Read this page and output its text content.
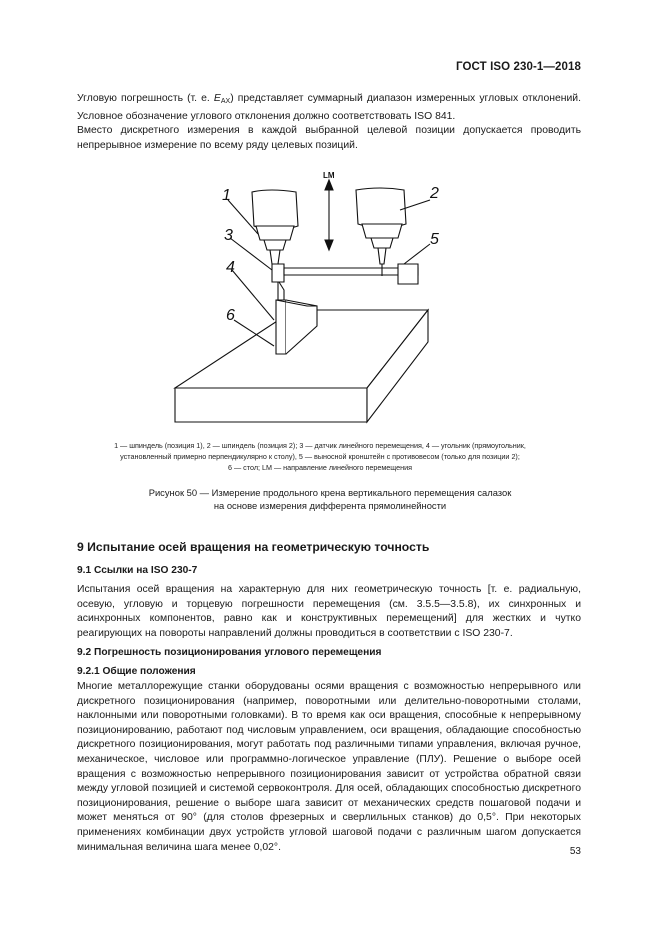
ГОСТ ISO 230-1—2018

Угловую погрешность (т. е. $E_{AX}$) представляет суммарный диапазон измеренных угловых отклонений. Условное обозначение углового отклонения должно соответствовать ISO 841.

Вместо дискретного измерения в каждой выбранной целевой позиции допускается проводить непрерывное измерение по всему ряду целевых позиций.

1	2
3	5
4
6
LM
1 — шпиндель (позиция 1), 2 — шпиндель (позиция 2); 3 — датчик линейного перемещения, 4 — угольник (прямоугольник,
установленный примерно перпендикулярно к столу), 5 — выносной кронштейн с противовесом (только для позиции 2);
6 — стол; LM — направление линейного перемещения
Рисунок 50 — Измерение продольного крена вертикального перемещения салазок
на основе измерения дифферента прямолинейности
9 Испытание осей вращения на геометрическую точность
9.1 Ссылки на ISO 230-7

Испытания осей вращения на характерную для них геометрическую точность [т. е. радиальную, осевую, угловую и торцевую погрешности перемещения (см. 3.5.5—3.5.8), их синхронных и асинхронных компонентов, равно как и конструктивных перемещений] для жестких и чутко реагирующих на повороты направлений должны проводиться в соответствии с ISO 230-7.

9.2 Погрешность позиционирования углового перемещения
9.2.1 Общие положения

Многие металлорежущие станки оборудованы осями вращения с возможностью непрерывного или дискретного позиционирования (например, поворотными или делительно-поворотными столами, наклонными или поворотными головками). В то время как оси вращения, способные к непрерывному позиционированию, работают под числовым управлением, оси вращения, обладающие способностью дискретного позиционирования, могут работать под различными типами управления, включая ручное, механическое, числовое или программно-логическое управление (ПЛУ). Решение о выборе осей вращения с возможностью непрерывного позиционирования зависит от устройства обратной связи между угловой позицией и системой сервоконтроля. Для осей, обладающих способностью дискретного позиционирования, решение о выборе шага зависит от механических средств пошаговой подачи и может меняться от 90° (для столов фрезерных и сверлильных станков) до 0,5°. При некоторых применениях комбинации двух устройств угловой шаговой подачи с различным шагом допускается минимальная величина шага менее 0,02°.	53
